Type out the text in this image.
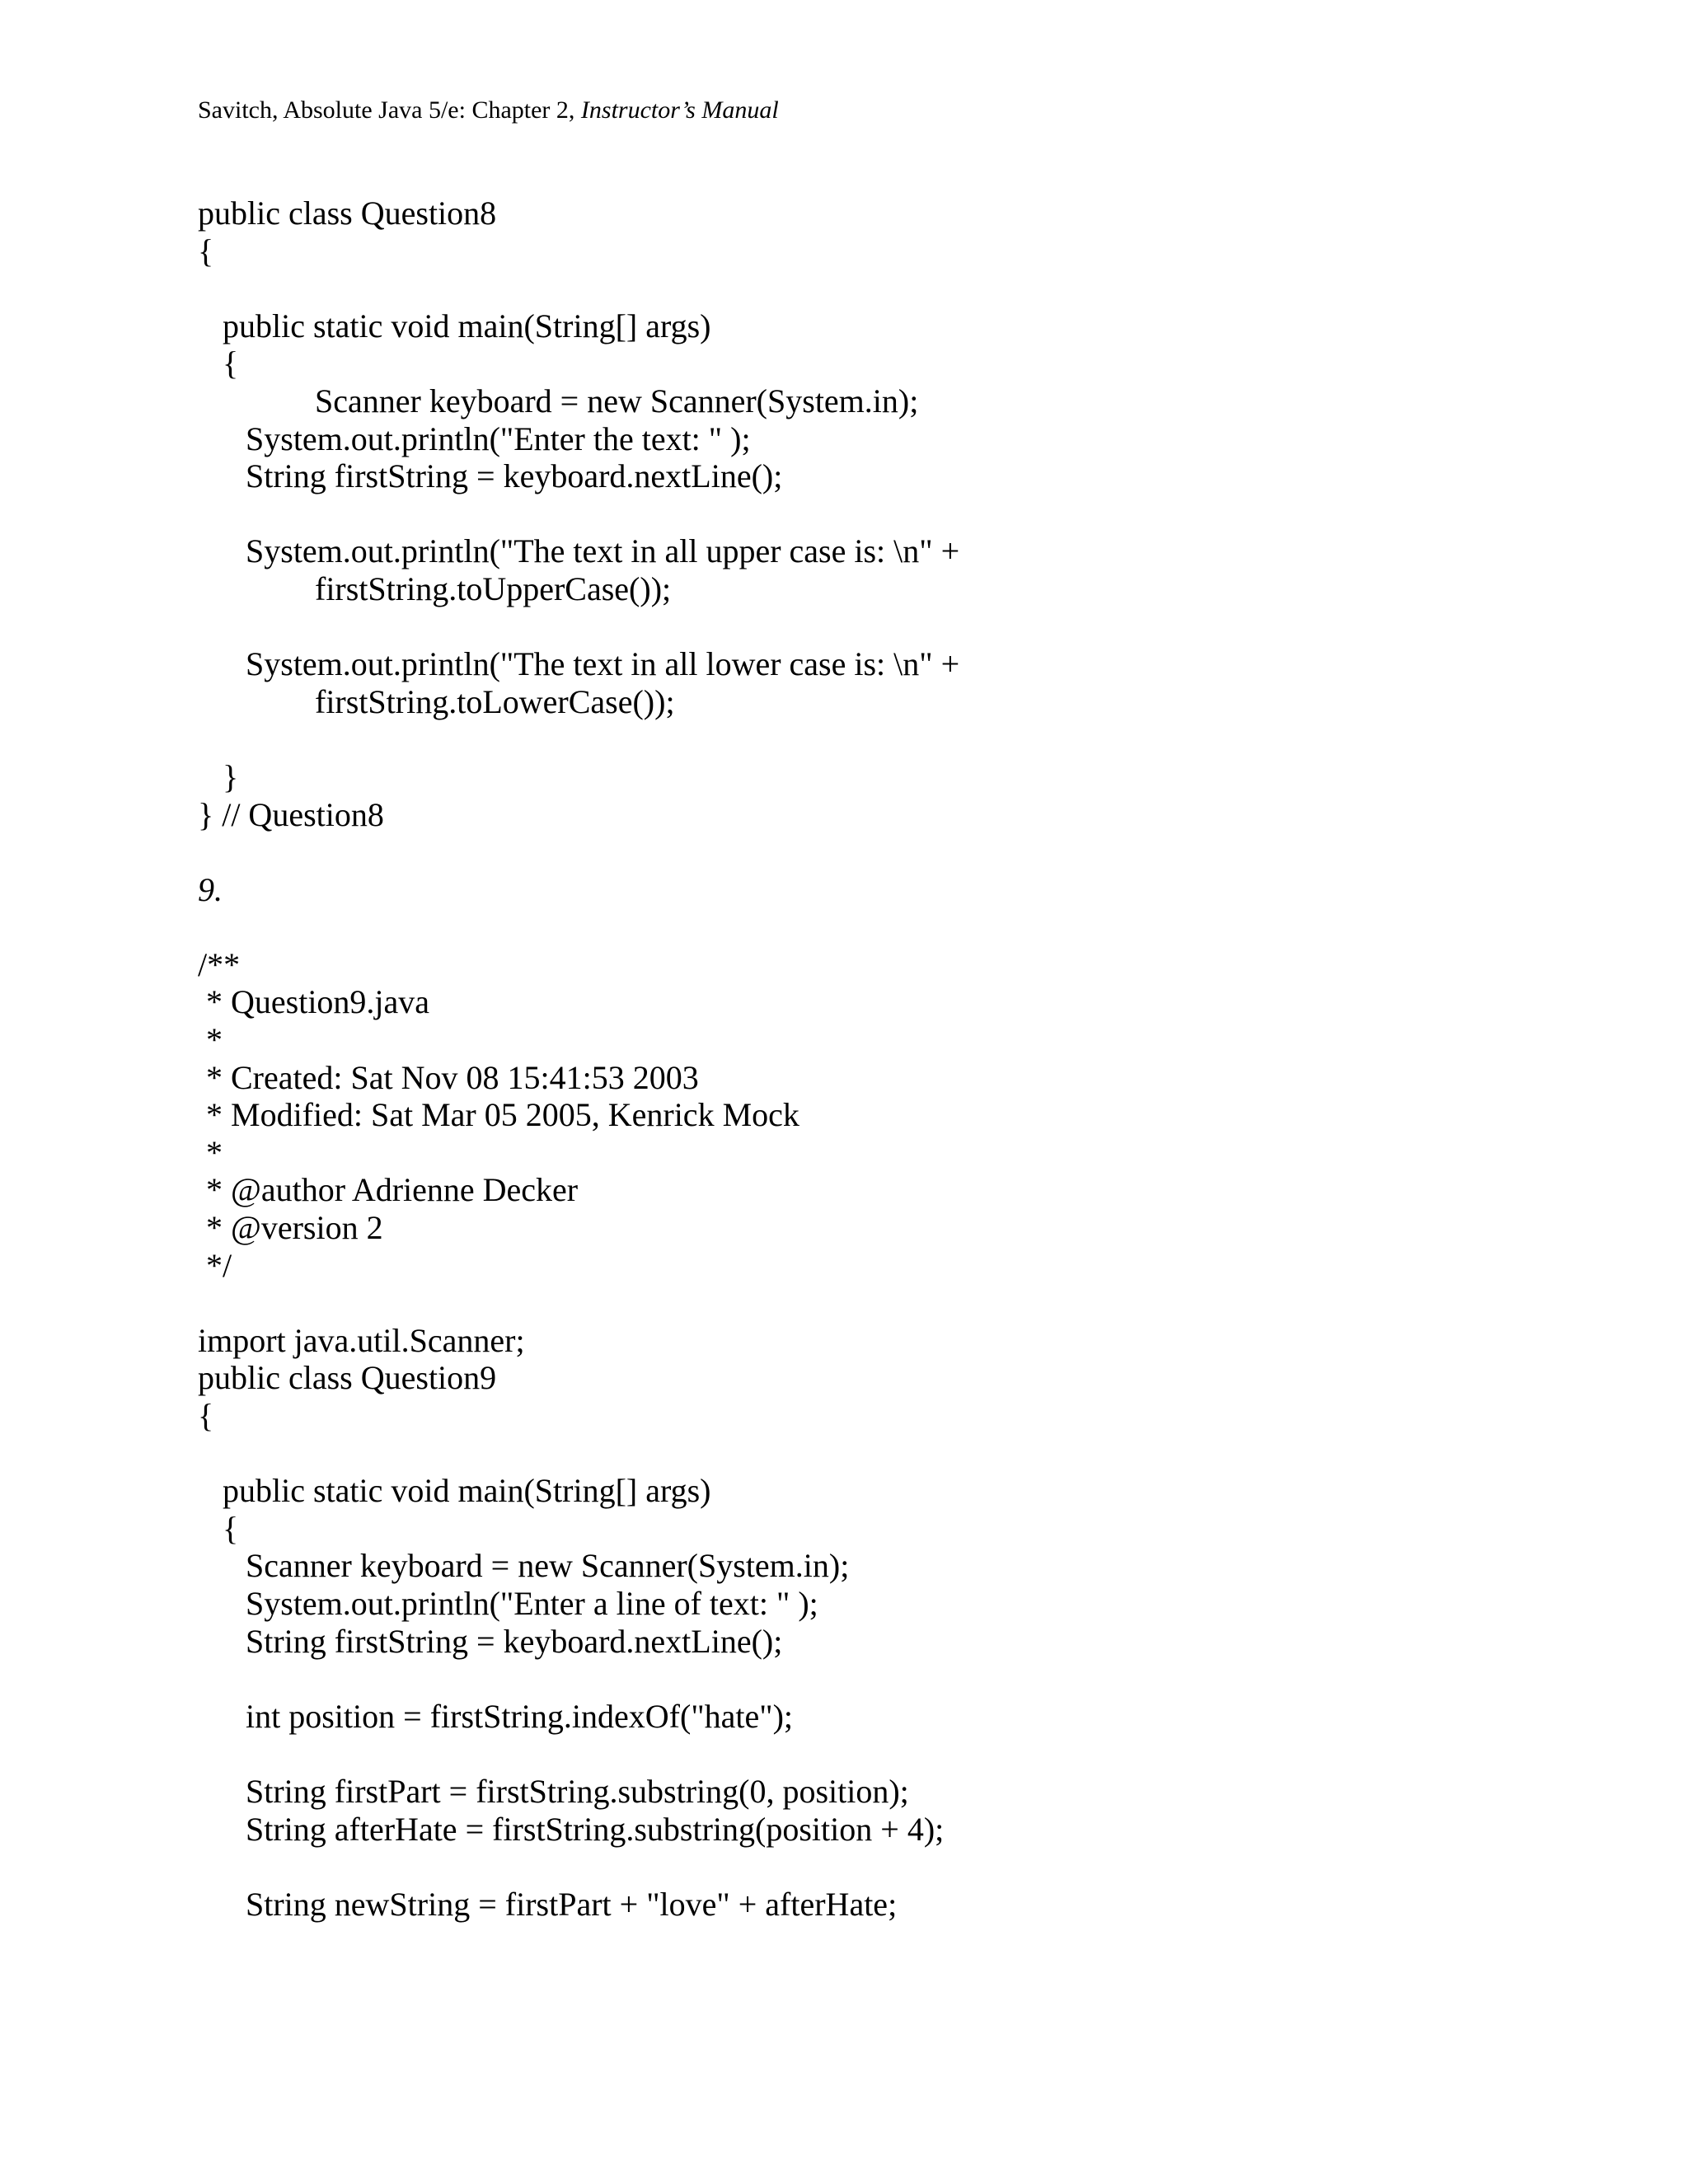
Savitch, Absolute Java 5/e: Chapter 2, Instructor’s Manual
public class Question8
{
public static void main(String[] args)
{
Scanner keyboard = new Scanner(System.in);
System.out.println("Enter the text: " );
String firstString = keyboard.nextLine();
System.out.println("The text in all upper case is: \n" +
firstString.toUpperCase());
System.out.println("The text in all lower case is: \n" +
firstString.toLowerCase());
}
} // Question8
9.
/**
* Question9.java
*
* Created: Sat Nov 08 15:41:53 2003
* Modified: Sat Mar 05 2005, Kenrick Mock
*
* @author Adrienne Decker
* @version 2
*/
import java.util.Scanner;
public class Question9
{
public static void main(String[] args)
{
Scanner keyboard = new Scanner(System.in);
System.out.println("Enter a line of text: " );
String firstString = keyboard.nextLine();
int position = firstString.indexOf("hate");
String firstPart = firstString.substring(0, position);
String afterHate = firstString.substring(position + 4);
String newString = firstPart + "love" + afterHate;
